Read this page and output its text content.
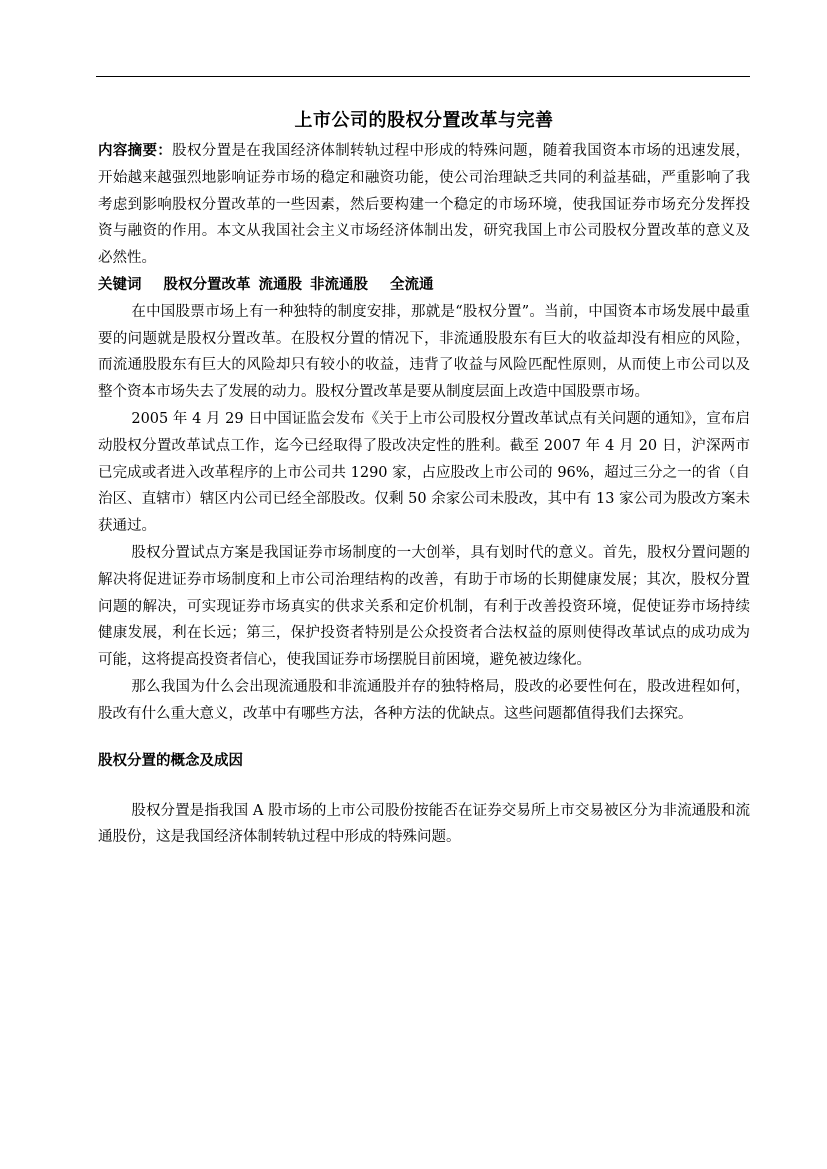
上市公司的股权分置改革与完善

内容摘要：股权分置是在我国经济体制转轨过程中形成的特殊问题，随着我国资本市场的迅速发展，开始越来越强烈地影响证券市场的稳定和融资功能，使公司治理缺乏共同的利益基础，严重影响了我考虑到影响股权分置改革的一些因素，然后要构建一个稳定的市场环境，使我国证券市场充分发挥投资与融资的作用。本文从我国社会主义市场经济体制出发，研究我国上市公司股权分置改革的意义及必然性。

关键词 股权分置改革 流通股 非流通股 全流通

在中国股票市场上有一种独特的制度安排，那就是“股权分置”。当前，中国资本市场发展中最重要的问题就是股权分置改革。在股权分置的情况下，非流通股股东有巨大的收益却没有相应的风险，而流通股股东有巨大的风险却只有较小的收益，违背了收益与风险匹配性原则，从而使上市公司以及整个资本市场失去了发展的动力。股权分置改革是要从制度层面上改造中国股票市场。

2005 年 4 月 29 日中国证监会发布《关于上市公司股权分置改革试点有关问题的通知》，宣布启动股权分置改革试点工作，迄今已经取得了股改决定性的胜利。截至 2007 年 4 月 20 日，沪深两市已完成或者进入改革程序的上市公司共 1290 家，占应股改上市公司的 96%，超过三分之一的省（自治区、直辖市）辖区内公司已经全部股改。仅剩 50 余家公司未股改，其中有 13 家公司为股改方案未获通过。

股权分置试点方案是我国证券市场制度的一大创举，具有划时代的意义。首先，股权分置问题的解决将促进证券市场制度和上市公司治理结构的改善，有助于市场的长期健康发展；其次，股权分置问题的解决，可实现证券市场真实的供求关系和定价机制，有利于改善投资环境，促使证券市场持续健康发展，利在长远；第三，保护投资者特别是公众投资者合法权益的原则使得改革试点的成功成为可能，这将提高投资者信心，使我国证券市场摆脱目前困境，避免被边缘化。

那么我国为什么会出现流通股和非流通股并存的独特格局，股改的必要性何在，股改进程如何，股改有什么重大意义，改革中有哪些方法，各种方法的优缺点。这些问题都值得我们去探究。

股权分置的概念及成因

股权分置是指我国 A 股市场的上市公司股份按能否在证券交易所上市交易被区分为非流通股和流通股份，这是我国经济体制转轨过程中形成的特殊问题。
